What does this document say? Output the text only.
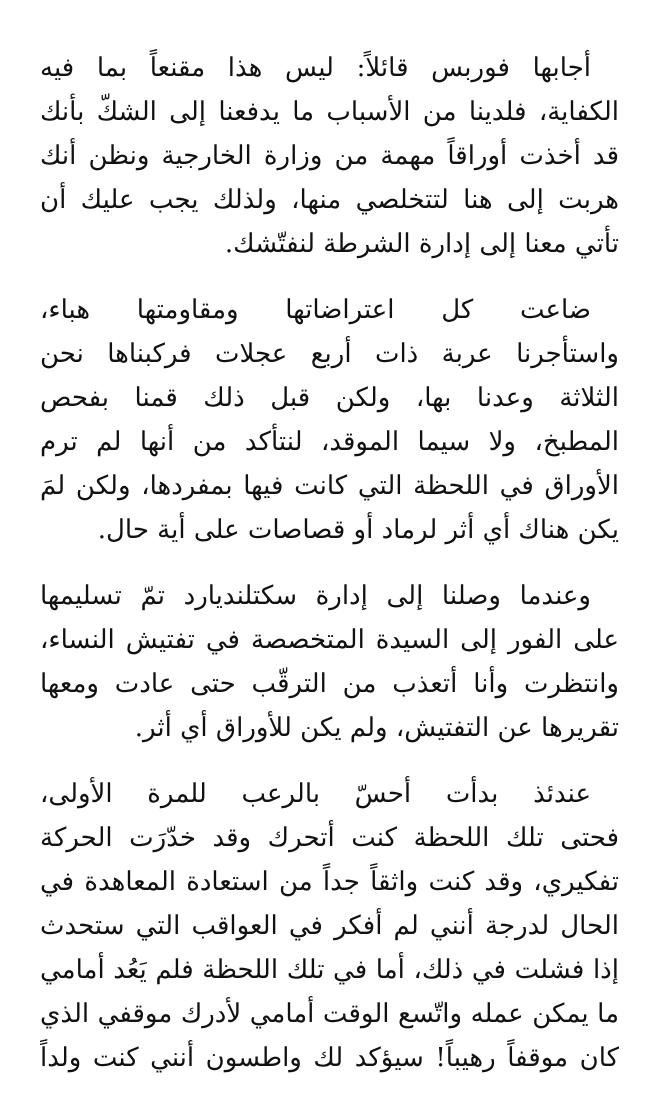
أجابها فوربس قائلاً: ليس هذا مقنعاً بما فيه
الكفاية، فلدينا من الأسباب ما يدفعنا إلى الشكّ بأنك
قد أخذت أوراقاً مهمة من وزارة الخارجية ونظن أنك
هربت إلى هنا لتتخلصي منها، ولذلك يجب عليك أن
تأتي معنا إلى إدارة الشرطة لنفتّشك.
ضاعت كل اعتراضاتها ومقاومتها هباء،
واستأجرنا عربة ذات أربع عجلات فركبناها نحن
الثلاثة وعدنا بها، ولكن قبل ذلك قمنا بفحص
المطبخ، ولا سيما الموقد، لنتأكد من أنها لم ترم
الأوراق في اللحظة التي كانت فيها بمفردها، ولكن لمَ
يكن هناك أي أثر لرماد أو قصاصات على أية حال.
وعندما وصلنا إلى إدارة سكتلنديارد تمّ تسليمها
على الفور إلى السيدة المتخصصة في تفتيش النساء،
وانتظرت وأنا أتعذب من الترقّب حتى عادت ومعها
تقريرها عن التفتيش، ولم يكن للأوراق أي أثر.
عندئذ بدأت أحسّ بالرعب للمرة الأولى،
فحتى تلك اللحظة كنت أتحرك وقد خدّرَت الحركة
تفكيري، وقد كنت واثقاً جداً من استعادة المعاهدة في
الحال لدرجة أنني لم أفكر في العواقب التي ستحدث
إذا فشلت في ذلك، أما في تلك اللحظة فلم يَعُد أمامي
ما يمكن عمله واتّسع الوقت أمامي لأدرك موقفي الذي
كان موقفاً رهيباً! سيؤكد لك واطسون أنني كنت ولداً
